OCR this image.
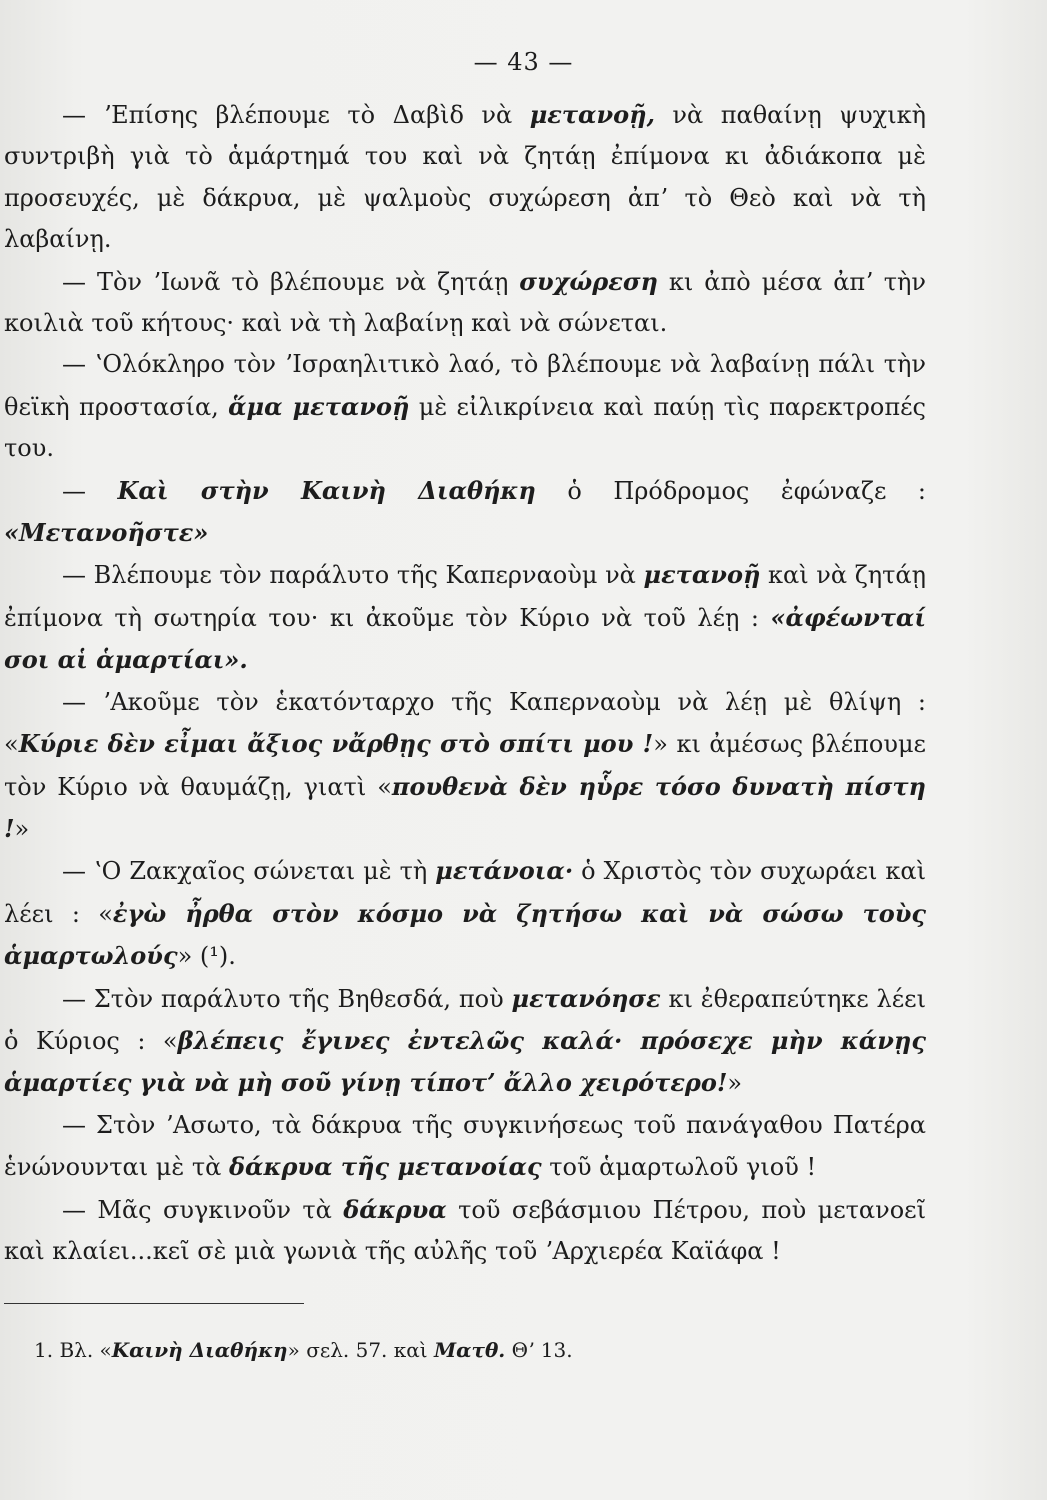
— 43 —

— ʼΕπίσης βλέπουμε τὸ Δαβὶδ νὰ μετανοῇ, νὰ παθαίνῃ ψυχικὴ συντριβὴ γιὰ τὸ ἁμάρτημά του καὶ νὰ ζητάῃ ἐπίμονα κι ἀδιάκοπα μὲ προσευχές, μὲ δάκρυα, μὲ ψαλμοὺς συχώρεση ἀπʼ τὸ Θεὸ καὶ νὰ τὴ λαβαίνῃ.

— Τὸν ʼΙωνᾶ τὸ βλέπουμε νὰ ζητάῃ συχώρεση κι ἀπὸ μέσα ἀπʼ τὴν κοιλιὰ τοῦ κήτους· καὶ νὰ τὴ λαβαίνῃ καὶ νὰ σώνεται.

— ʽΟλόκληρο τὸν ʼΙσραηλιτικὸ λαό, τὸ βλέπουμε νὰ λαβαίνῃ πάλι τὴν θεϊκὴ προστασία, ἅμα μετανοῇ μὲ εἰλικρίνεια καὶ παύῃ τὶς παρεκτροπές του.

— Καὶ στὴν Καινὴ Διαθήκη ὁ Πρόδρομος ἐφώναζε : «Μετανοῆστε»

— Βλέπουμε τὸν παράλυτο τῆς Καπερναοὺμ νὰ μετανοῇ καὶ νὰ ζητάῃ ἐπίμονα τὴ σωτηρία του· κι ἀκοῦμε τὸν Κύριο νὰ τοῦ λέῃ : «ἀφέωνταί σοι αἱ ἁμαρτίαι».

— ʼΑκοῦμε τὸν ἑκατόνταρχο τῆς Καπερναοὺμ νὰ λέῃ μὲ θλίψη : «Κύριε δὲν εἶμαι ἄξιος νἄρθῃς στὸ σπίτι μου !» κι ἀμέσως βλέπουμε τὸν Κύριο νὰ θαυμάζῃ, γιατὶ «πουθενὰ δὲν ηὗρε τόσο δυνατὴ πίστη !»

— ʽΟ Ζακχαῖος σώνεται μὲ τὴ μετάνοια· ὁ Χριστὸς τὸν συχωράει καὶ λέει : «ἐγὼ ἦρθα στὸν κόσμο νὰ ζητήσω καὶ νὰ σώσω τοὺς ἁμαρτωλούς» (¹).

— Στὸν παράλυτο τῆς Βηθεσδά, ποὺ μετανόησε κι ἐθεραπεύτηκε λέει ὁ Κύριος : «βλέπεις ἔγινες ἐντελῶς καλά· πρόσεχε μὴν κάνῃς ἁμαρτίες γιὰ νὰ μὴ σοῦ γίνῃ τίποτʼ ἄλλο χειρότερο!»

— Στὸν ʼΑσωτο, τὰ δάκρυα τῆς συγκινήσεως τοῦ πανάγαθου Πατέρα ἑνώνουνται μὲ τὰ δάκρυα τῆς μετανοίας τοῦ ἁμαρτωλοῦ γιοῦ !

— Μᾶς συγκινοῦν τὰ δάκρυα τοῦ σεβάσμιου Πέτρου, ποὺ μετανοεῖ καὶ κλαίει...κεῖ σὲ μιὰ γωνιὰ τῆς αὐλῆς τοῦ ʼΑρχιερέα Καϊάφα !

1. Βλ. «Καινὴ Διαθήκη» σελ. 57. καὶ Ματθ. Θʼ 13.
